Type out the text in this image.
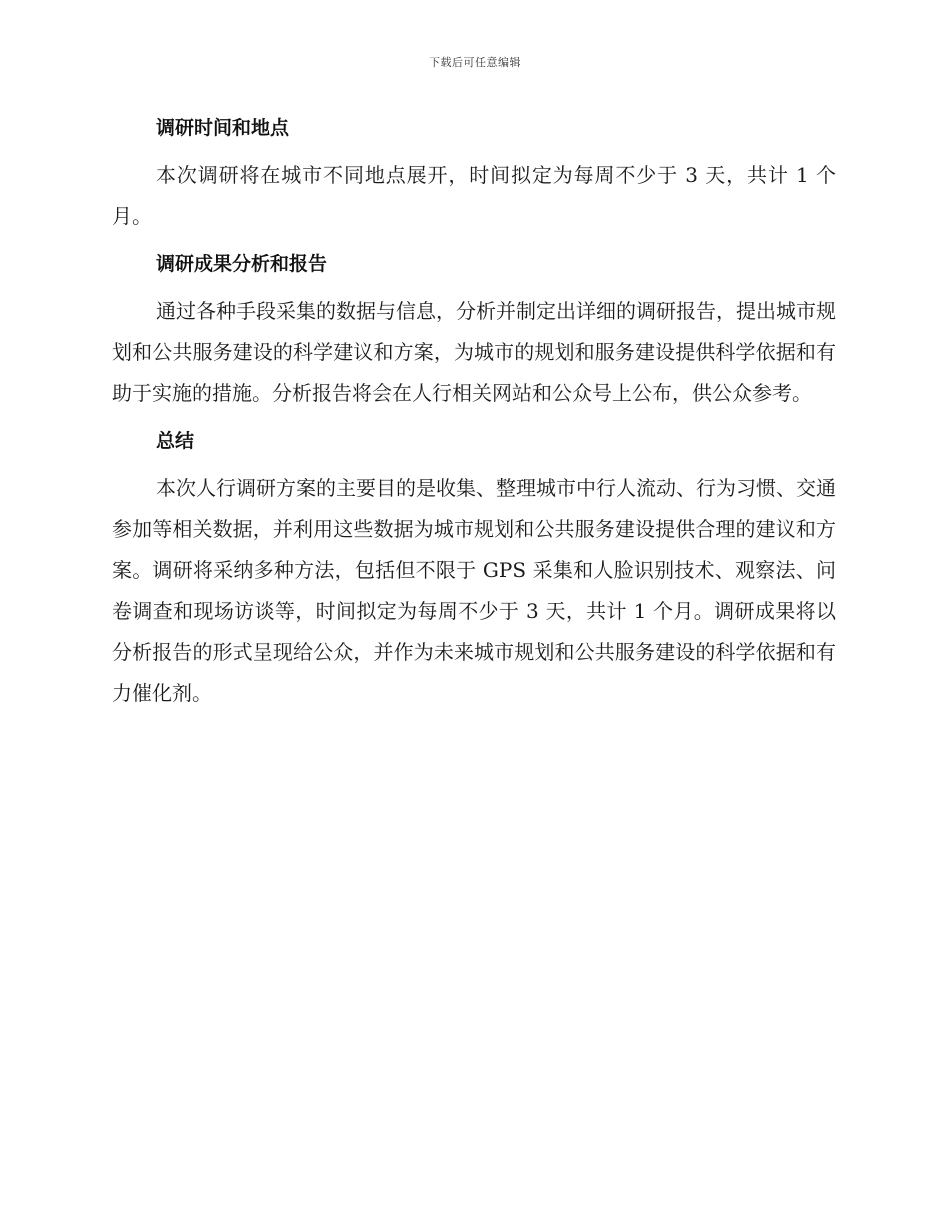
下载后可任意编辑
调研时间和地点
本次调研将在城市不同地点展开，时间拟定为每周不少于 3 天，共计 1 个月。
调研成果分析和报告
通过各种手段采集的数据与信息，分析并制定出详细的调研报告，提出城市规划和公共服务建设的科学建议和方案，为城市的规划和服务建设提供科学依据和有助于实施的措施。分析报告将会在人行相关网站和公众号上公布，供公众参考。
总结
本次人行调研方案的主要目的是收集、整理城市中行人流动、行为习惯、交通参加等相关数据，并利用这些数据为城市规划和公共服务建设提供合理的建议和方案。调研将采纳多种方法，包括但不限于 GPS 采集和人脸识别技术、观察法、问卷调查和现场访谈等，时间拟定为每周不少于 3 天，共计 1 个月。调研成果将以分析报告的形式呈现给公众，并作为未来城市规划和公共服务建设的科学依据和有力催化剂。
